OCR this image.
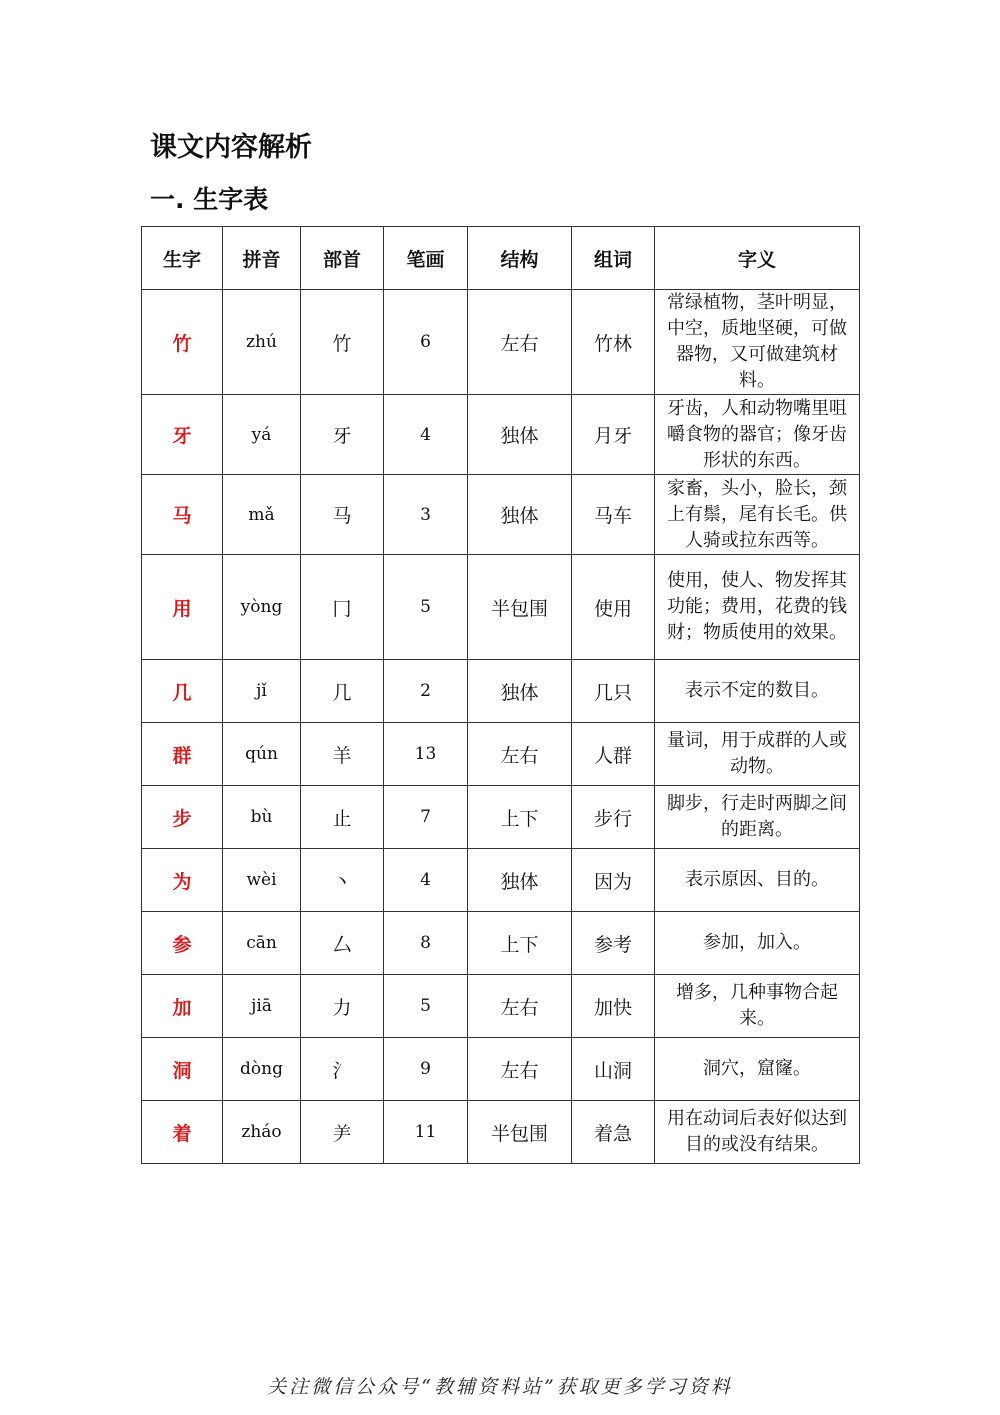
课文内容解析
一. 生字表
生字	拼音	部首	笔画	结构	组词	字义
竹	zhú	竹	6	左右	竹林	常绿植物，茎叶明显，中空，质地坚硬，可做器物，又可做建筑材料。
牙	yá	牙	4	独体	月牙	牙齿，人和动物嘴里咀嚼食物的器官；像牙齿形状的东西。
马	mǎ	马	3	独体	马车	家畜，头小，脸长，颈上有鬃，尾有长毛。供人骑或拉东西等。
用	yòng	冂	5	半包围	使用	使用，使人、物发挥其功能；费用，花费的钱财；物质使用的效果。
几	jǐ	几	2	独体	几只	表示不定的数目。
群	qún	羊	13	左右	人群	量词，用于成群的人或动物。
步	bù	止	7	上下	步行	脚步，行走时两脚之间的距离。
为	wèi	丶	4	独体	因为	表示原因、目的。
参	cān	厶	8	上下	参考	参加，加入。
加	jiā	力	5	左右	加快	增多，几种事物合起来。
洞	dòng	氵	9	左右	山洞	洞穴，窟窿。
着	zháo	⺶	11	半包围	着急	用在动词后表好似达到目的或没有结果。
关注微信公众号“教辅资料站”获取更多学习资料
